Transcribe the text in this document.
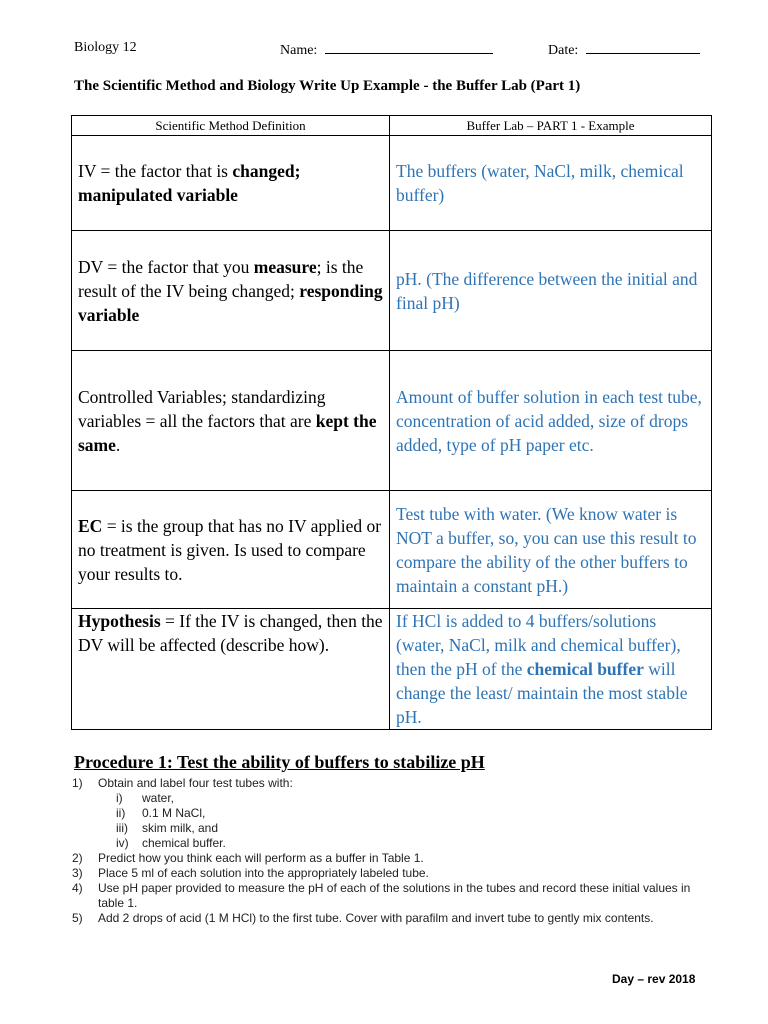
Biology 12	Name:	Date:
The Scientific Method and Biology Write Up Example - the Buffer Lab (Part 1)
Scientific Method Definition	Buffer Lab – PART 1 - Example
IV = the factor that is changed; manipulated variable	The buffers (water, NaCl, milk, chemical buffer)
DV = the factor that you measure; is the result of the IV being changed; responding variable	pH. (The difference between the initial and final pH)
Controlled Variables; standardizing variables = all the factors that are kept the same.	Amount of buffer solution in each test tube, concentration of acid added, size of drops added, type of pH paper etc.
EC = is the group that has no IV applied or no treatment is given. Is used to compare your results to.	Test tube with water. (We know water is NOT a buffer, so, you can use this result to compare the ability of the other buffers to maintain a constant pH.)
Hypothesis = If the IV is changed, then the DV will be affected (describe how).	If HCl is added to 4 buffers/solutions (water, NaCl, milk and chemical buffer), then the pH of the chemical buffer will change the least/ maintain the most stable pH.
Procedure 1: Test the ability of buffers to stabilize pH
1) Obtain and label four test tubes with:
i) water,
ii) 0.1 M NaCl,
iii) skim milk, and
iv) chemical buffer.
2) Predict how you think each will perform as a buffer in Table 1.
3) Place 5 ml of each solution into the appropriately labeled tube.
4) Use pH paper provided to measure the pH of each of the solutions in the tubes and record these initial values in table 1.
5) Add 2 drops of acid (1 M HCl) to the first tube. Cover with parafilm and invert tube to gently mix contents.
Day – rev 2018
